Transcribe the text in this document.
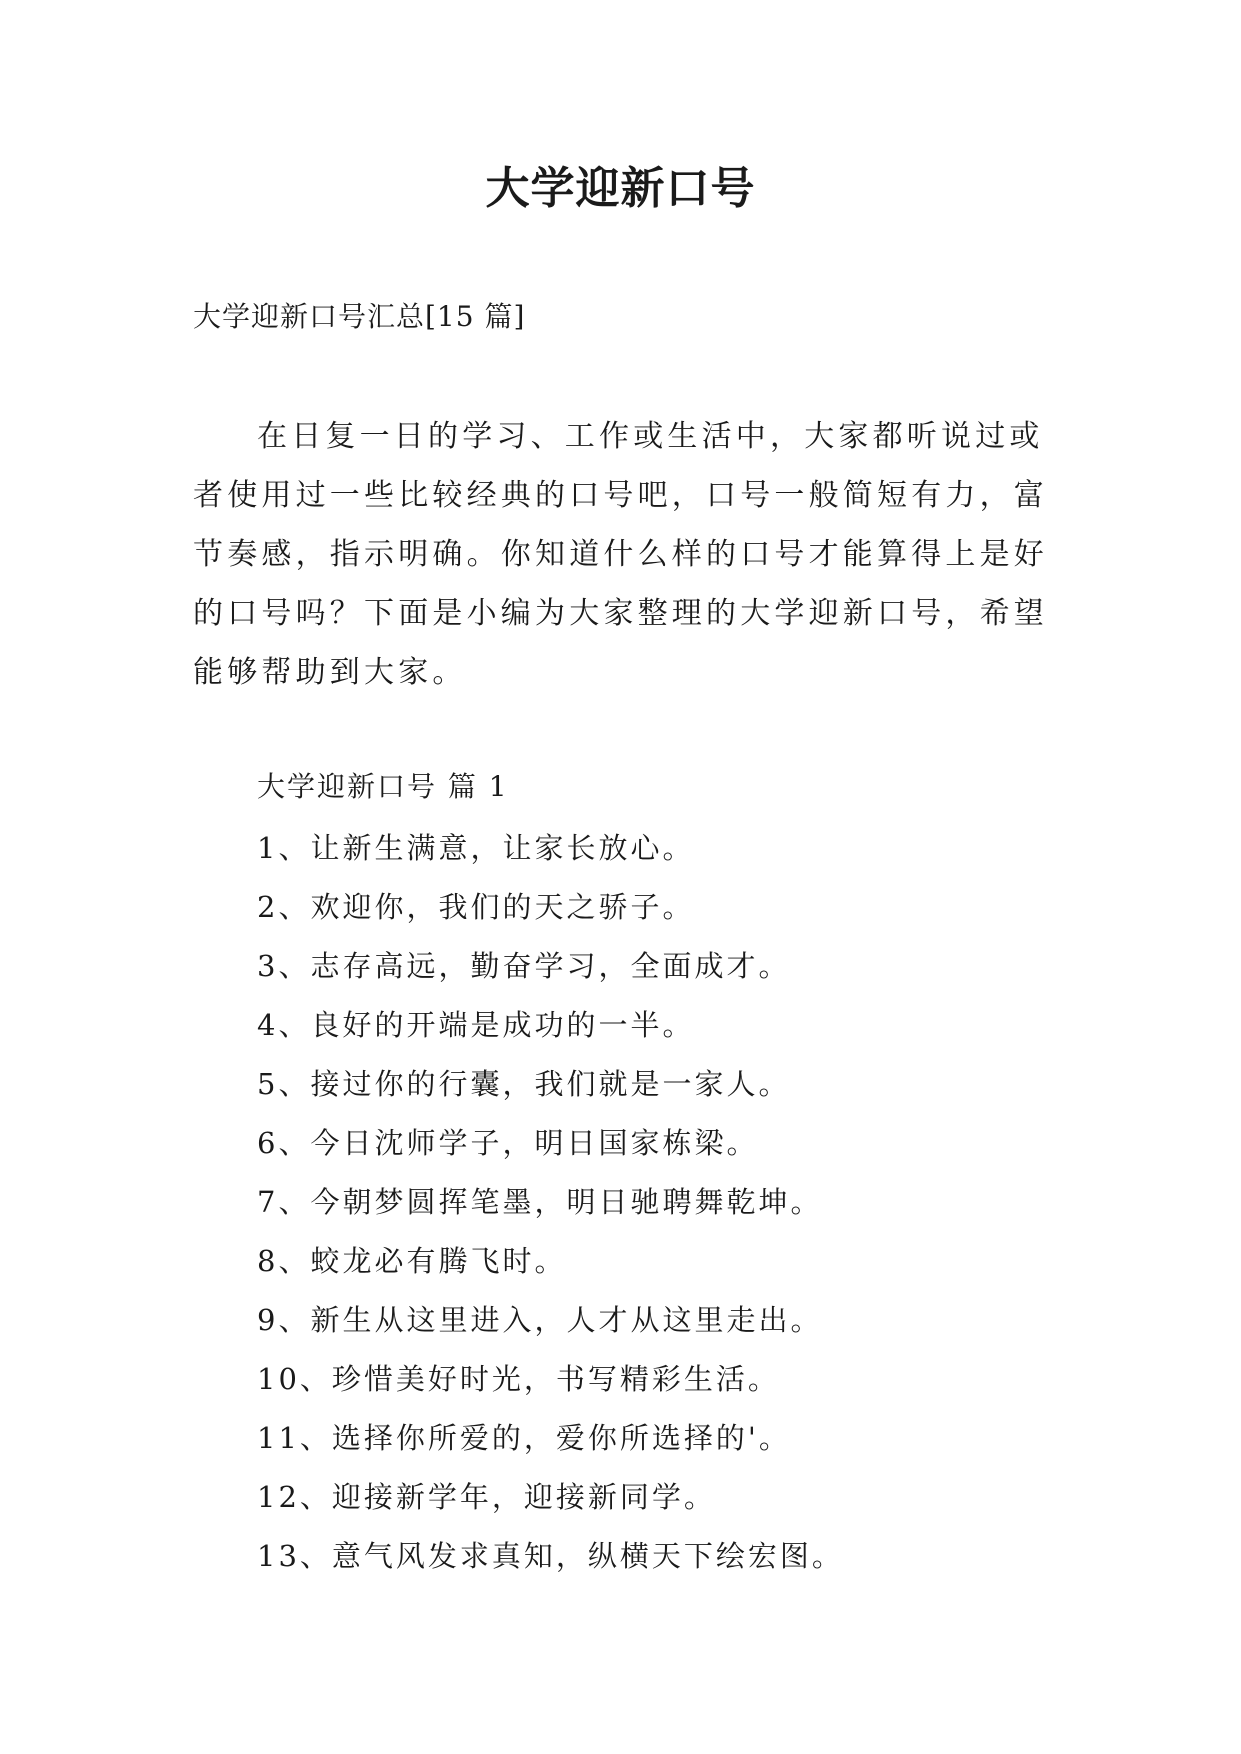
大学迎新口号

大学迎新口号汇总[15 篇]

在日复一日的学习、工作或生活中，大家都听说过或者使用过一些比较经典的口号吧，口号一般简短有力，富节奏感，指示明确。你知道什么样的口号才能算得上是好的口号吗？下面是小编为大家整理的大学迎新口号，希望能够帮助到大家。

大学迎新口号 篇 1

1、让新生满意，让家长放心。
2、欢迎你，我们的天之骄子。
3、志存高远，勤奋学习，全面成才。
4、良好的开端是成功的一半。
5、接过你的行囊，我们就是一家人。
6、今日沈师学子，明日国家栋梁。
7、今朝梦圆挥笔墨，明日驰聘舞乾坤。
8、蛟龙必有腾飞时。
9、新生从这里进入，人才从这里走出。
10、珍惜美好时光，书写精彩生活。
11、选择你所爱的，爱你所选择的'。
12、迎接新学年，迎接新同学。
13、意气风发求真知，纵横天下绘宏图。
